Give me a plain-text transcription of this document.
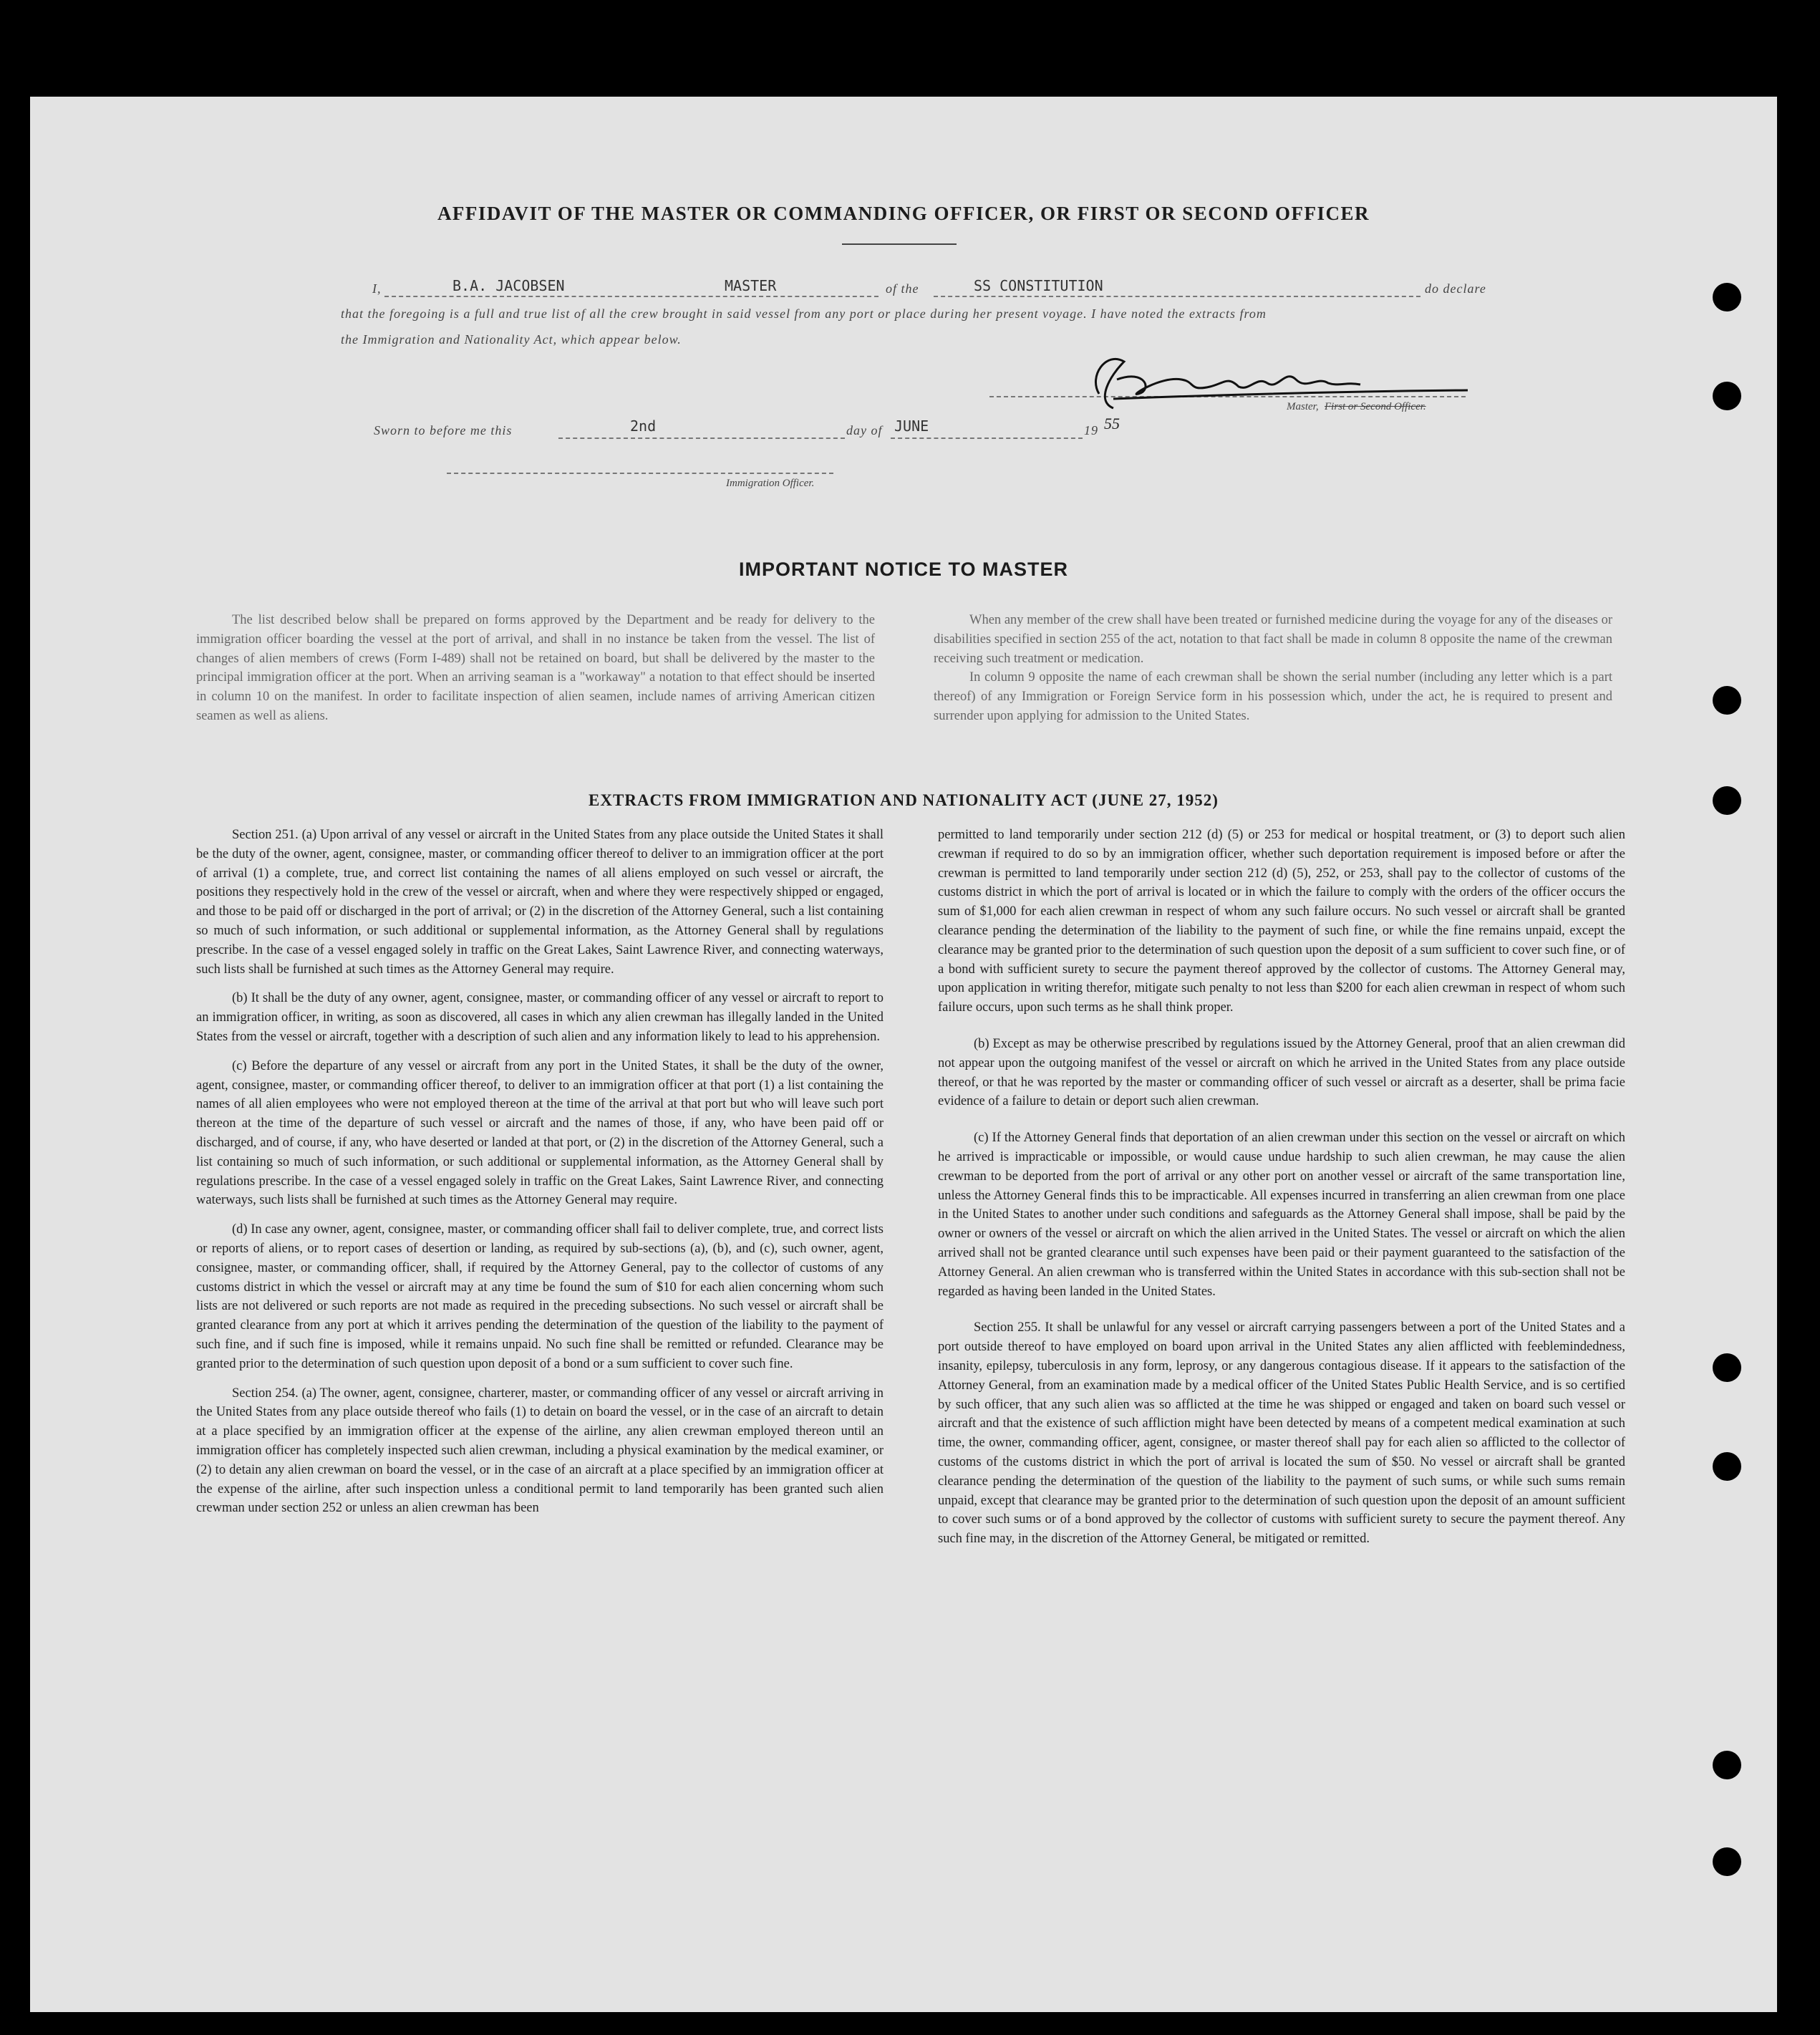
AFFIDAVIT OF THE MASTER OR COMMANDING OFFICER, OR FIRST OR SECOND OFFICER
I,	B.A. JACOBSEN	MASTER	of the	SS CONSTITUTION	do declare
that the foregoing is a full and true list of all the crew brought in said vessel from any port or place during her present voyage. I have noted the extracts from
the Immigration and Nationality Act, which appear below.
Master, First or Second Officer.
Sworn to before me this	2nd	day of JUNE	19 55
Immigration Officer.
IMPORTANT NOTICE TO MASTER

The list described below shall be prepared on forms approved by the Department and be ready for delivery to the immigration officer boarding the vessel at the port of arrival, and shall in no instance be taken from the vessel. The list of changes of alien members of crews (Form I-489) shall not be retained on board, but shall be delivered by the master to the principal immigration officer at the port. When an arriving seaman is a "workaway" a notation to that effect should be inserted in column 10 on the manifest. In order to facilitate inspection of alien seamen, include names of arriving American citizen seamen as well as aliens.

When any member of the crew shall have been treated or furnished medicine during the voyage for any of the diseases or disabilities specified in section 255 of the act, notation to that fact shall be made in column 8 opposite the name of the crewman receiving such treatment or medication.

In column 9 opposite the name of each crewman shall be shown the serial number (including any letter which is a part thereof) of any Immigration or Foreign Service form in his possession which, under the act, he is required to present and surrender upon applying for admission to the United States.

EXTRACTS FROM IMMIGRATION AND NATIONALITY ACT (JUNE 27, 1952)

Section 251. (a) Upon arrival of any vessel or aircraft in the United States from any place outside the United States it shall be the duty of the owner, agent, consignee, master, or commanding officer thereof to deliver to an immigration officer at the port of arrival (1) a complete, true, and correct list containing the names of all aliens employed on such vessel or aircraft, the positions they respectively hold in the crew of the vessel or aircraft, when and where they were respectively shipped or engaged, and those to be paid off or discharged in the port of arrival; or (2) in the discretion of the Attorney General, such a list containing so much of such information, or such additional or supplemental information, as the Attorney General shall by regulations prescribe. In the case of a vessel engaged solely in traffic on the Great Lakes, Saint Lawrence River, and connecting waterways, such lists shall be furnished at such times as the Attorney General may require.

(b) It shall be the duty of any owner, agent, consignee, master, or commanding officer of any vessel or aircraft to report to an immigration officer, in writing, as soon as discovered, all cases in which any alien crewman has illegally landed in the United States from the vessel or aircraft, together with a description of such alien and any information likely to lead to his apprehension.

(c) Before the departure of any vessel or aircraft from any port in the United States, it shall be the duty of the owner, agent, consignee, master, or commanding officer thereof, to deliver to an immigration officer at that port (1) a list containing the names of all alien employees who were not employed thereon at the time of the arrival at that port but who will leave such port thereon at the time of the departure of such vessel or aircraft and the names of those, if any, who have been paid off or discharged, and of course, if any, who have deserted or landed at that port, or (2) in the discretion of the Attorney General, such a list containing so much of such information, or such additional or supplemental information, as the Attorney General shall by regulations prescribe. In the case of a vessel engaged solely in traffic on the Great Lakes, Saint Lawrence River, and connecting waterways, such lists shall be furnished at such times as the Attorney General may require.

(d) In case any owner, agent, consignee, master, or commanding officer shall fail to deliver complete, true, and correct lists or reports of aliens, or to report cases of desertion or landing, as required by sub-sections (a), (b), and (c), such owner, agent, consignee, master, or commanding officer, shall, if required by the Attorney General, pay to the collector of customs of any customs district in which the vessel or aircraft may at any time be found the sum of $10 for each alien concerning whom such lists are not delivered or such reports are not made as required in the preceding subsections. No such vessel or aircraft shall be granted clearance from any port at which it arrives pending the determination of the question of the liability to the payment of such fine, and if such fine is imposed, while it remains unpaid. No such fine shall be remitted or refunded. Clearance may be granted prior to the determination of such question upon deposit of a bond or a sum sufficient to cover such fine.

Section 254. (a) The owner, agent, consignee, charterer, master, or commanding officer of any vessel or aircraft arriving in the United States from any place outside thereof who fails (1) to detain on board the vessel, or in the case of an aircraft to detain at a place specified by an immigration officer at the expense of the airline, any alien crewman employed thereon until an immigration officer has completely inspected such alien crewman, including a physical examination by the medical examiner, or (2) to detain any alien crewman on board the vessel, or in the case of an aircraft at a place specified by an immigration officer at the expense of the airline, after such inspection unless a conditional permit to land temporarily has been granted such alien crewman under section 252 or unless an alien crewman has been

permitted to land temporarily under section 212 (d) (5) or 253 for medical or hospital treatment, or (3) to deport such alien crewman if required to do so by an immigration officer, whether such deportation requirement is imposed before or after the crewman is permitted to land temporarily under section 212 (d) (5), 252, or 253, shall pay to the collector of customs of the customs district in which the port of arrival is located or in which the failure to comply with the orders of the officer occurs the sum of $1,000 for each alien crewman in respect of whom any such failure occurs. No such vessel or aircraft shall be granted clearance pending the determination of the liability to the payment of such fine, or while the fine remains unpaid, except the clearance may be granted prior to the determination of such question upon the deposit of a sum sufficient to cover such fine, or of a bond with sufficient surety to secure the payment thereof approved by the collector of customs. The Attorney General may, upon application in writing therefor, mitigate such penalty to not less than $200 for each alien crewman in respect of whom such failure occurs, upon such terms as he shall think proper.

(b) Except as may be otherwise prescribed by regulations issued by the Attorney General, proof that an alien crewman did not appear upon the outgoing manifest of the vessel or aircraft on which he arrived in the United States from any place outside thereof, or that he was reported by the master or commanding officer of such vessel or aircraft as a deserter, shall be prima facie evidence of a failure to detain or deport such alien crewman.

(c) If the Attorney General finds that deportation of an alien crewman under this section on the vessel or aircraft on which he arrived is impracticable or impossible, or would cause undue hardship to such alien crewman, he may cause the alien crewman to be deported from the port of arrival or any other port on another vessel or aircraft of the same transportation line, unless the Attorney General finds this to be impracticable. All expenses incurred in transferring an alien crewman from one place in the United States to another under such conditions and safeguards as the Attorney General shall impose, shall be paid by the owner or owners of the vessel or aircraft on which the alien arrived in the United States. The vessel or aircraft on which the alien arrived shall not be granted clearance until such expenses have been paid or their payment guaranteed to the satisfaction of the Attorney General. An alien crewman who is transferred within the United States in accordance with this sub-section shall not be regarded as having been landed in the United States.

Section 255. It shall be unlawful for any vessel or aircraft carrying passengers between a port of the United States and a port outside thereof to have employed on board upon arrival in the United States any alien afflicted with feeblemindedness, insanity, epilepsy, tuberculosis in any form, leprosy, or any dangerous contagious disease. If it appears to the satisfaction of the Attorney General, from an examination made by a medical officer of the United States Public Health Service, and is so certified by such officer, that any such alien was so afflicted at the time he was shipped or engaged and taken on board such vessel or aircraft and that the existence of such affliction might have been detected by means of a competent medical examination at such time, the owner, commanding officer, agent, consignee, or master thereof shall pay for each alien so afflicted to the collector of customs of the customs district in which the port of arrival is located the sum of $50. No vessel or aircraft shall be granted clearance pending the determination of the question of the liability to the payment of such sums, or while such sums remain unpaid, except that clearance may be granted prior to the determination of such question upon the deposit of an amount sufficient to cover such sums or of a bond approved by the collector of customs with sufficient surety to secure the payment thereof. Any such fine may, in the discretion of the Attorney General, be mitigated or remitted.
